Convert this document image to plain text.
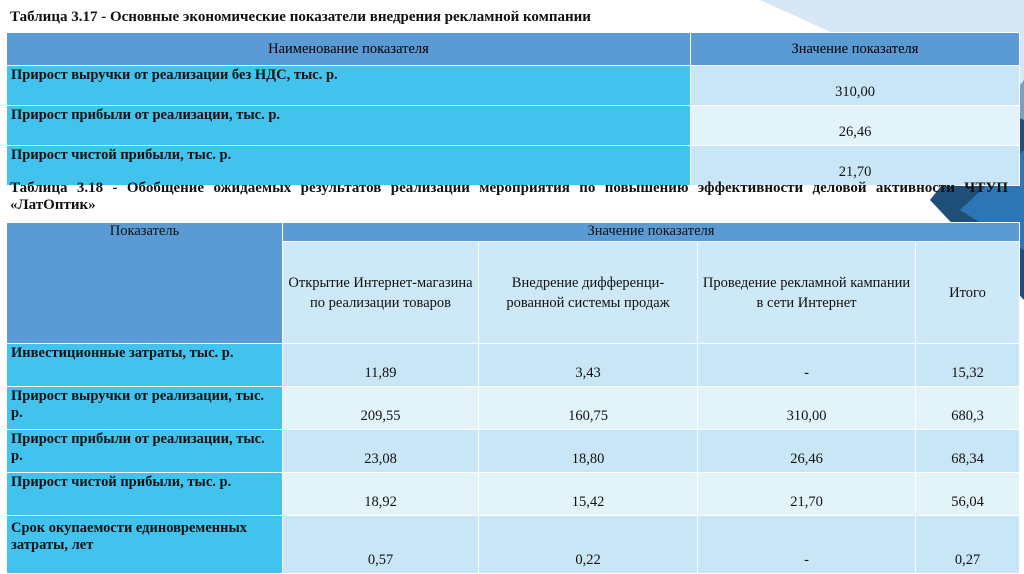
Таблица 3.17 - Основные экономические показатели внедрения рекламной компании

Наименование показателя	Значение показателя
Прирост выручки от реализации без НДС, тыс. р.	310,00
Прирост прибыли от реализации, тыс. р.	26,46
Прирост чистой прибыли, тыс. р.	21,70

Таблица 3.18 - Обобщение ожидаемых результатов реализации мероприятия по повышению эффективности деловой активности ЧТУП «ЛатОптик»

Показатель	Значение показателя			
	Открытие Интернет-магазина по реализации товаров	Внедрение дифференци-рованной системы продаж	Проведение рекламной кампании в сети Интернет	Итого
Инвестиционные затраты, тыс. р.	11,89	3,43	-	15,32
Прирост выручки от реализации, тыс. р.	209,55	160,75	310,00	680,3
Прирост прибыли от реализации, тыс. р.	23,08	18,80	26,46	68,34
Прирост чистой прибыли, тыс. р.	18,92	15,42	21,70	56,04
Срок окупаемости единовременных затраты, лет	0,57	0,22	-	0,27
